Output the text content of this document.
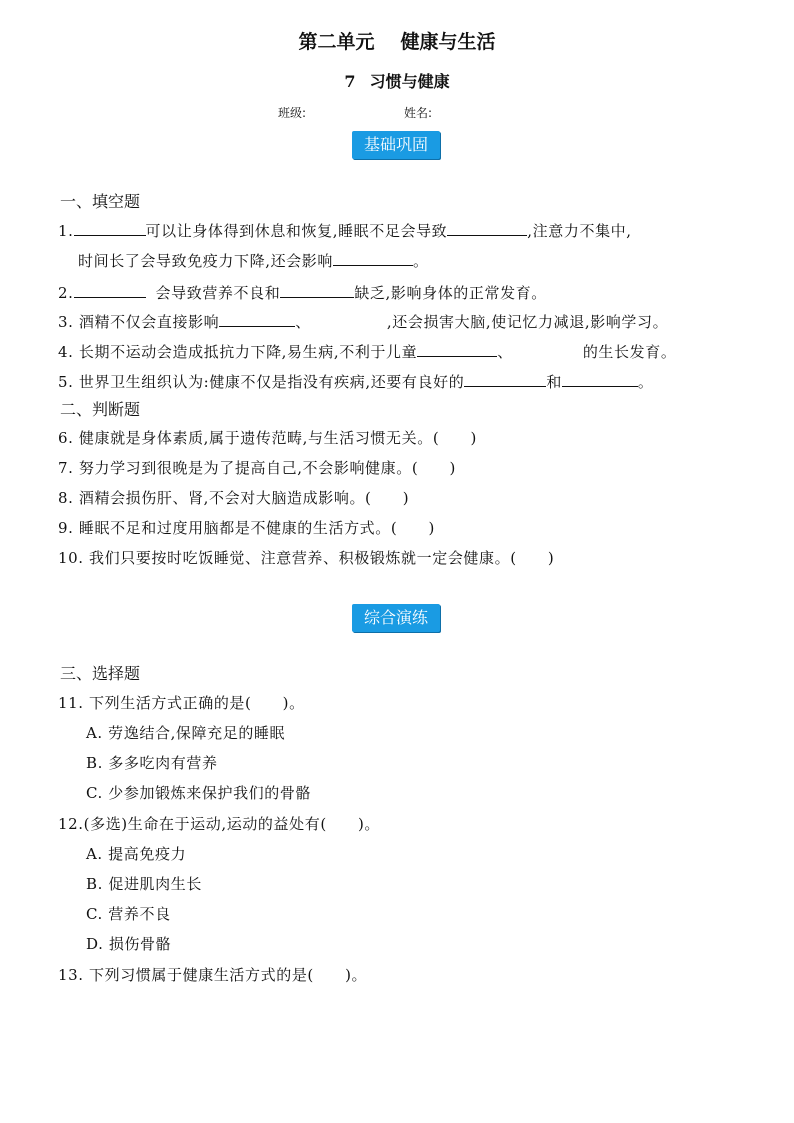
第二单元 健康与生活
7 习惯与健康
班级:	姓名:
基础巩固
一、填空题
1.	可以让身体得到休息和恢复,睡眠不足会导致	,注意力不集中,
时间长了会导致免疫力下降,还会影响	。
2.	会导致营养不良和	缺乏,影响身体的正常发育。
3. 酒精不仅会直接影响	、	,还会损害大脑,使记忆力减退,影响学习。
4. 长期不运动会造成抵抗力下降,易生病,不利于儿童	、	的生长发育。
5. 世界卫生组织认为:健康不仅是指没有疾病,还要有良好的	和	。
二、判断题
6. 健康就是身体素质,属于遗传范畴,与生活习惯无关。(　　)
7. 努力学习到很晚是为了提高自己,不会影响健康。(　　)
8. 酒精会损伤肝、肾,不会对大脑造成影响。(　　)
9. 睡眠不足和过度用脑都是不健康的生活方式。(　　)
10. 我们只要按时吃饭睡觉、注意营养、积极锻炼就一定会健康。(　　)
综合演练
三、选择题
11. 下列生活方式正确的是(　　)。
A. 劳逸结合,保障充足的睡眠
B. 多多吃肉有营养
C. 少参加锻炼来保护我们的骨骼
12.(多选)生命在于运动,运动的益处有(　　)。
A. 提高免疫力
B. 促进肌肉生长
C. 营养不良
D. 损伤骨骼
13. 下列习惯属于健康生活方式的是(　　)。
